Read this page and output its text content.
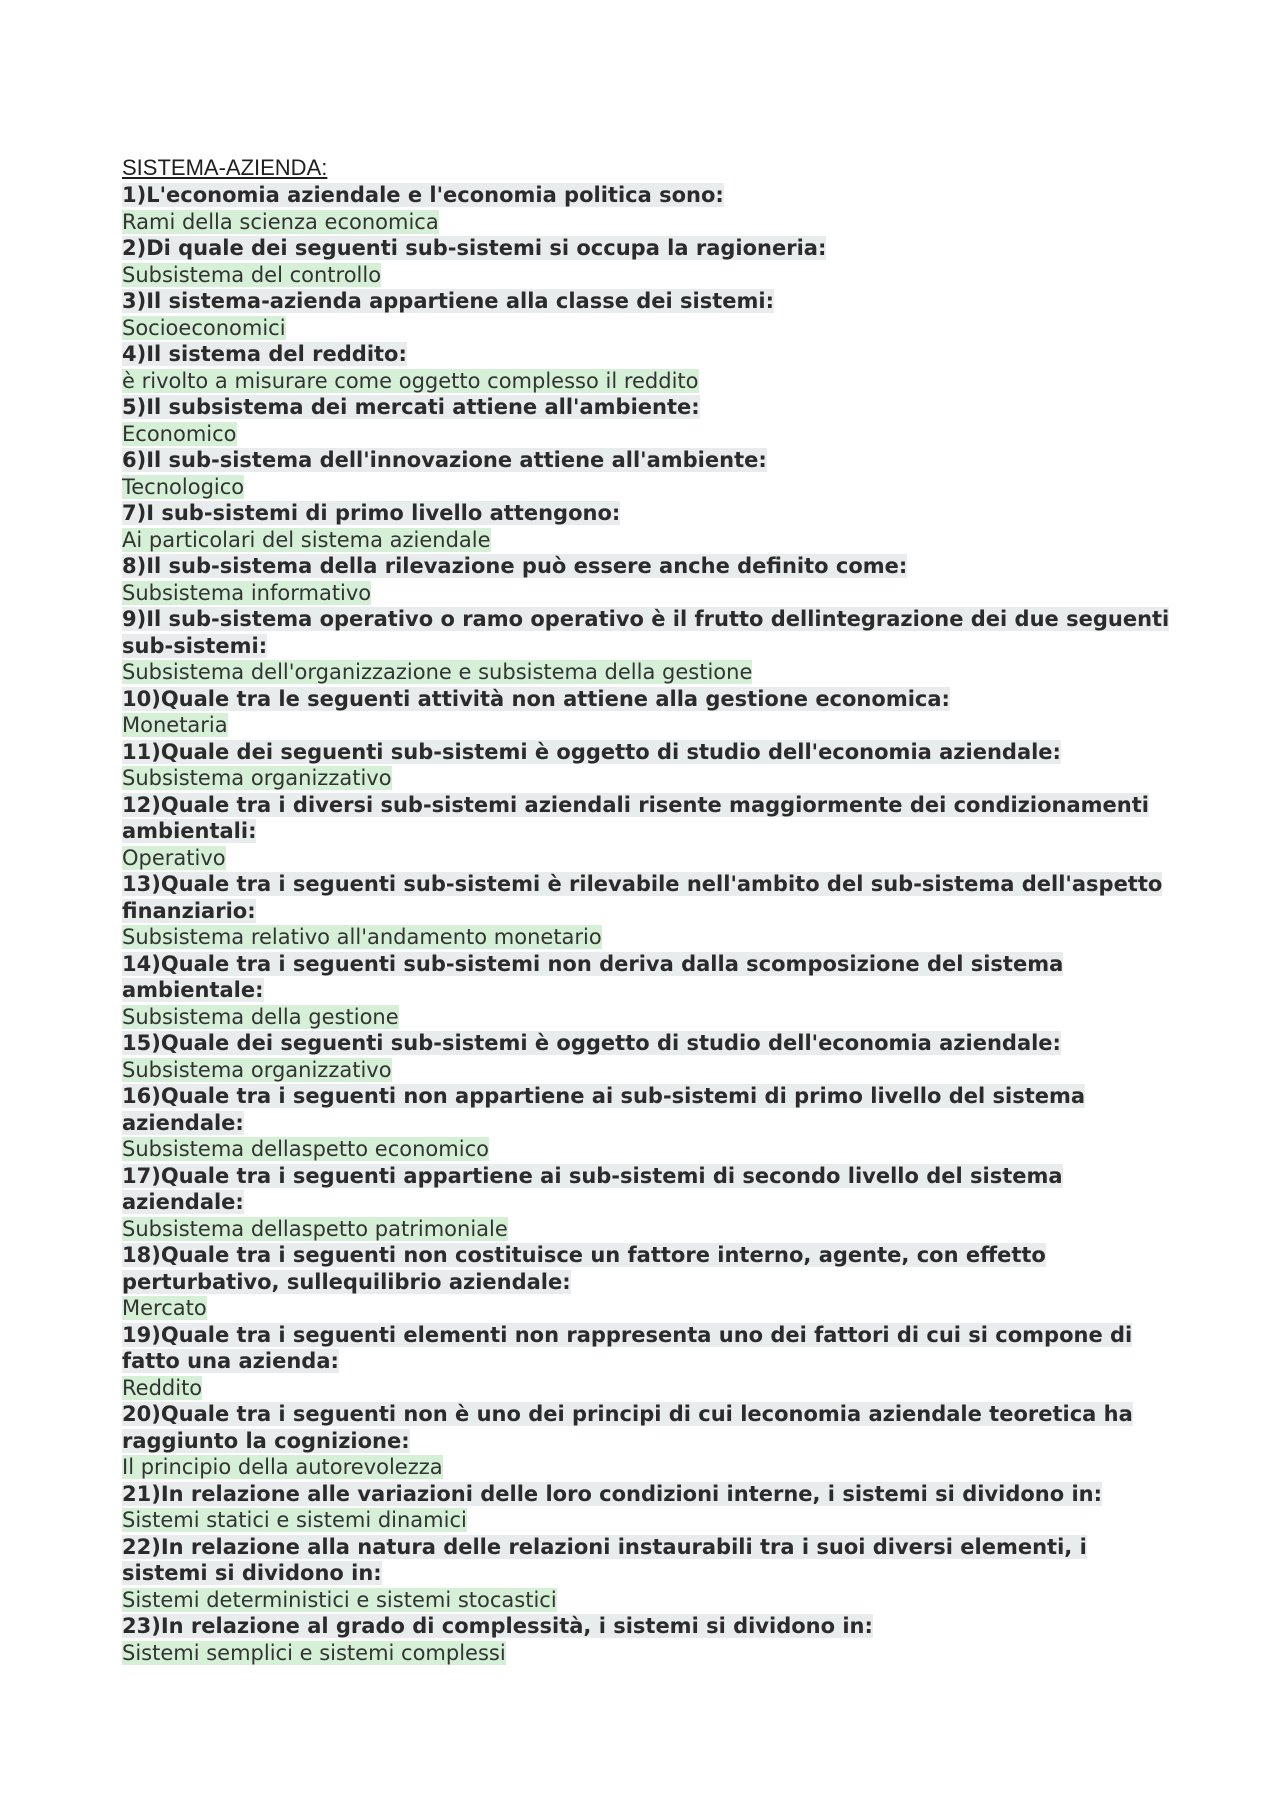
SISTEMA-AZIENDA:
1)L'economia aziendale e l'economia politica sono:
Rami della scienza economica
2)Di quale dei seguenti sub-sistemi si occupa la ragioneria:
Subsistema del controllo
3)Il sistema-azienda appartiene alla classe dei sistemi:
Socioeconomici
4)Il sistema del reddito:
è rivolto a misurare come oggetto complesso il reddito
5)Il subsistema dei mercati attiene all'ambiente:
Economico
6)Il sub-sistema dell'innovazione attiene all'ambiente:
Tecnologico
7)I sub-sistemi di primo livello attengono:
Ai particolari del sistema aziendale
8)Il sub-sistema della rilevazione può essere anche definito come:
Subsistema informativo
9)Il sub-sistema operativo o ramo operativo è il frutto dellintegrazione dei due seguenti sub-sistemi:
Subsistema dell'organizzazione e subsistema della gestione
10)Quale tra le seguenti attività non attiene alla gestione economica:
Monetaria
11)Quale dei seguenti sub-sistemi è oggetto di studio dell'economia aziendale:
Subsistema organizzativo
12)Quale tra i diversi sub-sistemi aziendali risente maggiormente dei condizionamenti ambientali:
Operativo
13)Quale tra i seguenti sub-sistemi è rilevabile nell'ambito del sub-sistema dell'aspetto finanziario:
Subsistema relativo all'andamento monetario
14)Quale tra i seguenti sub-sistemi non deriva dalla scomposizione del sistema ambientale:
Subsistema della gestione
15)Quale dei seguenti sub-sistemi è oggetto di studio dell'economia aziendale:
Subsistema organizzativo
16)Quale tra i seguenti non appartiene ai sub-sistemi di primo livello del sistema aziendale:
Subsistema dellaspetto economico
17)Quale tra i seguenti appartiene ai sub-sistemi di secondo livello del sistema aziendale:
Subsistema dellaspetto patrimoniale
18)Quale tra i seguenti non costituisce un fattore interno, agente, con effetto perturbativo, sullequilibrio aziendale:
Mercato
19)Quale tra i seguenti elementi non rappresenta uno dei fattori di cui si compone di fatto una azienda:
Reddito
20)Quale tra i seguenti non è uno dei principi di cui leconomia aziendale teoretica ha raggiunto la cognizione:
Il principio della autorevolezza
21)In relazione alle variazioni delle loro condizioni interne, i sistemi si dividono in:
Sistemi statici e sistemi dinamici
22)In relazione alla natura delle relazioni instaurabili tra i suoi diversi elementi, i sistemi si dividono in:
Sistemi deterministici e sistemi stocastici
23)In relazione al grado di complessità, i sistemi si dividono in:
Sistemi semplici e sistemi complessi
